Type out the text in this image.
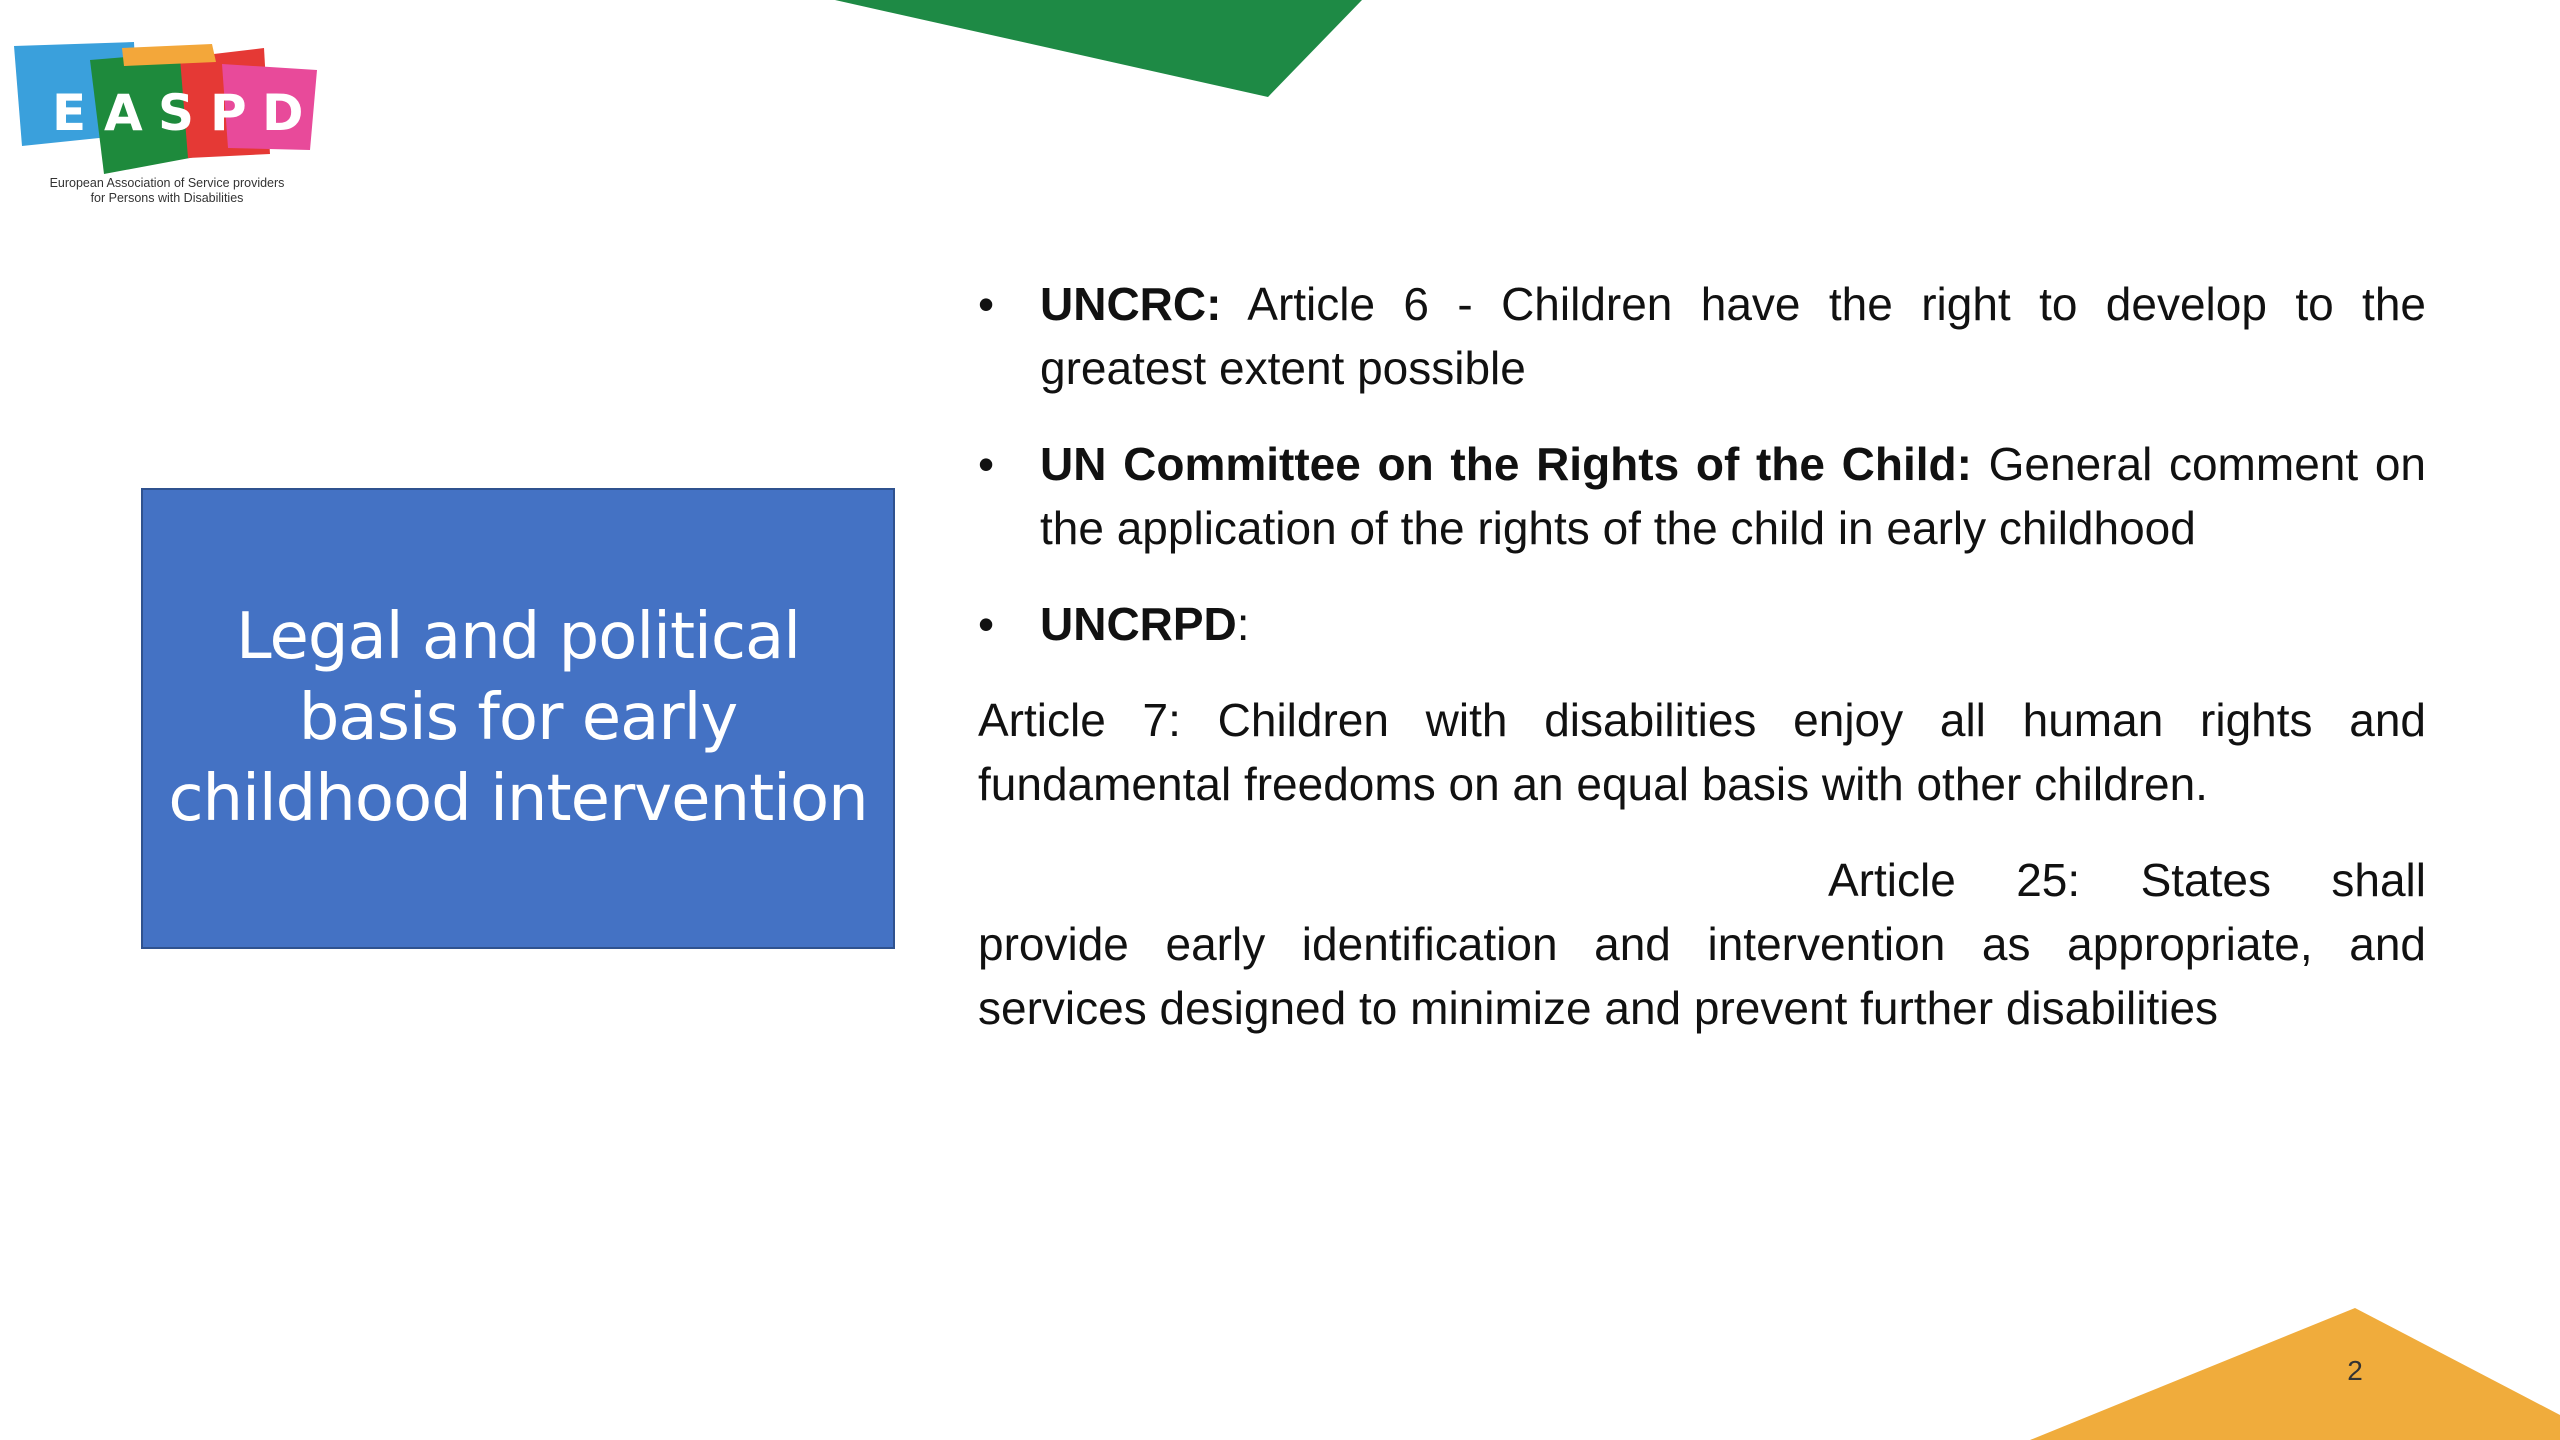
E A S P D
European Association of Service providers
for Persons with Disabilities
Legal and political basis for early childhood intervention
• UNCRC: Article 6 - Children have the right to develop to the greatest extent possible
• UN Committee on the Rights of the Child: General comment on the application of the rights of the child in early childhood
• UNCRPD:
Article 7: Children with disabilities enjoy all human rights and fundamental freedoms on an equal basis with other children.
Article 25: States shall provide early identification and intervention as appropriate, and services designed to minimize and prevent further disabilities
2
